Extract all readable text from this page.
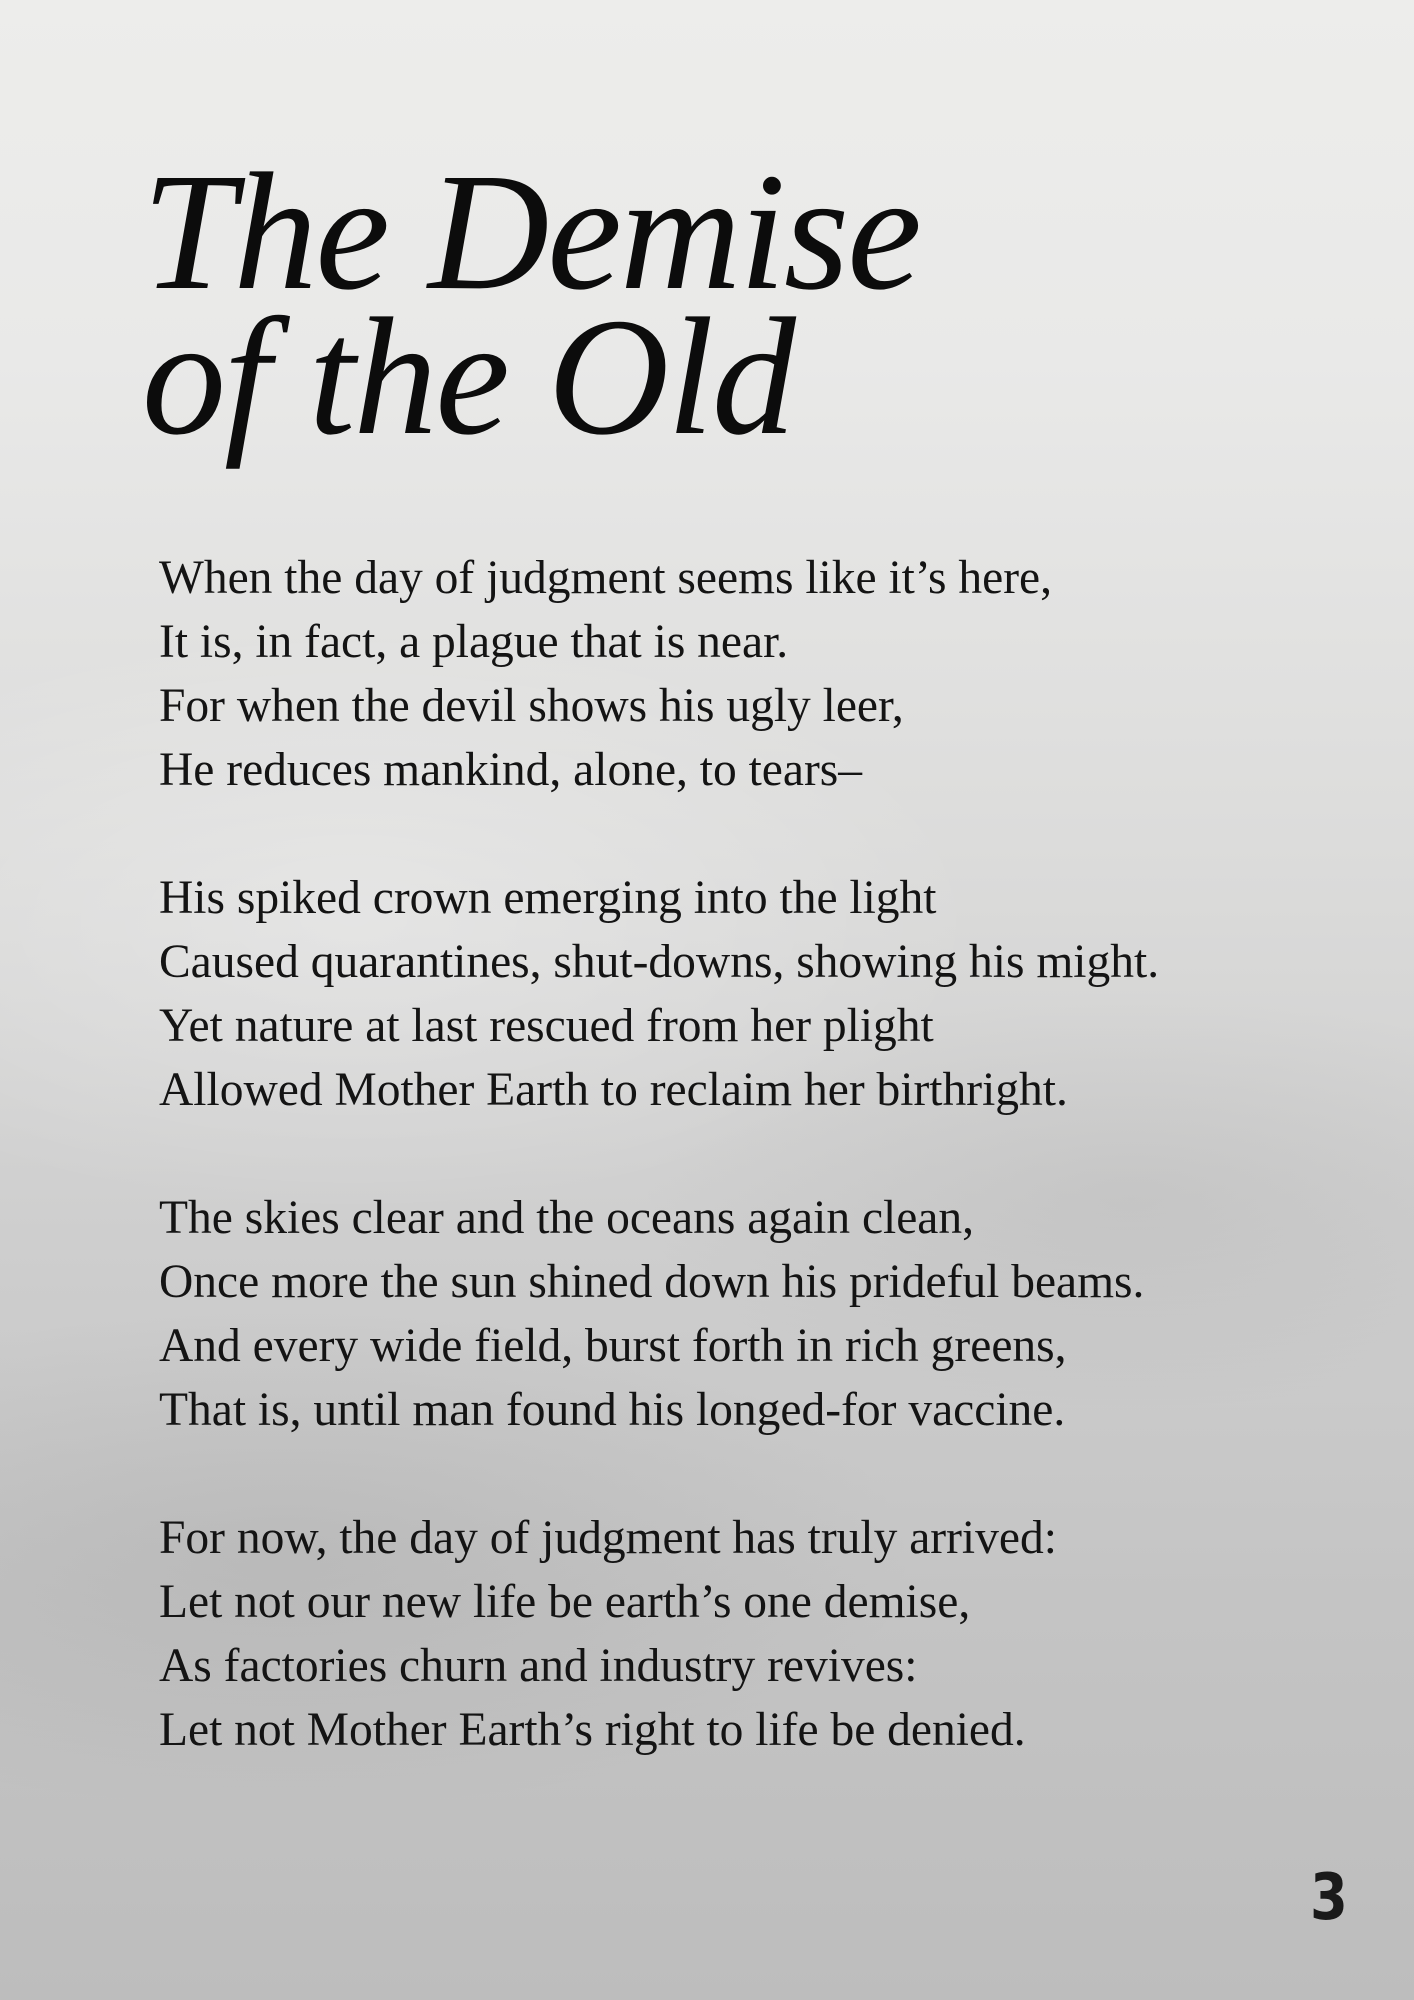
The Demise
of the Old
When the day of judgment seems like it’s here,
It is, in fact, a plague that is near.
For when the devil shows his ugly leer,
He reduces mankind, alone, to tears–
His spiked crown emerging into the light
Caused quarantines, shut-downs, showing his might.
Yet nature at last rescued from her plight
Allowed Mother Earth to reclaim her birthright.
The skies clear and the oceans again clean,
Once more the sun shined down his prideful beams.
And every wide field, burst forth in rich greens,
That is, until man found his longed-for vaccine.
For now, the day of judgment has truly arrived:
Let not our new life be earth’s one demise,
As factories churn and industry revives:
Let not Mother Earth’s right to life be denied.
3
